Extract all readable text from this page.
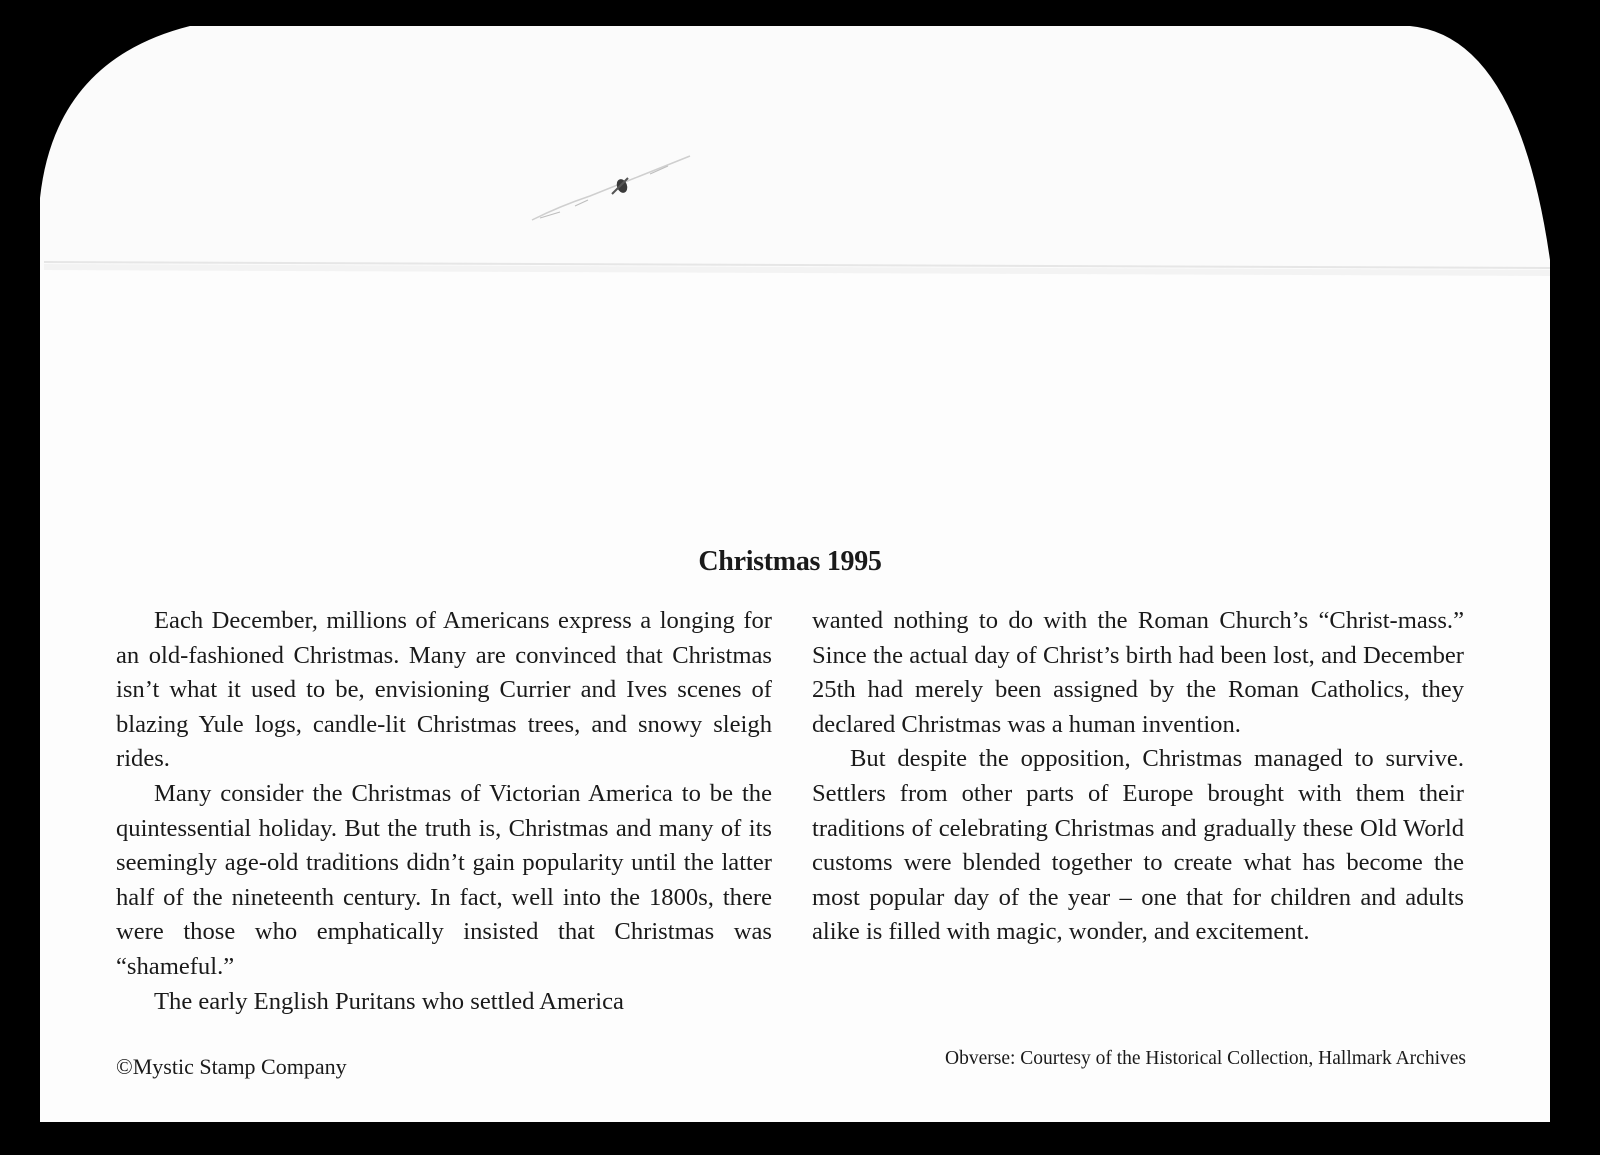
Christmas 1995

Each December, millions of Americans express a longing for an old-fashioned Christmas. Many are convinced that Christmas isn’t what it used to be, envisioning Currier and Ives scenes of blazing Yule logs, candle-lit Christmas trees, and snowy sleigh rides.

Many consider the Christmas of Victorian America to be the quintessential holiday. But the truth is, Christmas and many of its seemingly age-old traditions didn’t gain popularity until the latter half of the nineteenth century. In fact, well into the 1800s, there were those who emphatically insisted that Christmas was “shameful.”

The early English Puritans who settled America

wanted nothing to do with the Roman Church’s “Christ-mass.” Since the actual day of Christ’s birth had been lost, and December 25th had merely been assigned by the Roman Catholics, they declared Christmas was a human invention.

But despite the opposition, Christmas managed to survive. Settlers from other parts of Europe brought with them their traditions of celebrating Christmas and gradually these Old World customs were blended together to create what has become the most popular day of the year – one that for children and adults alike is filled with magic, wonder, and excitement.

©Mystic Stamp Company	Obverse: Courtesy of the Historical Collection, Hallmark Archives
